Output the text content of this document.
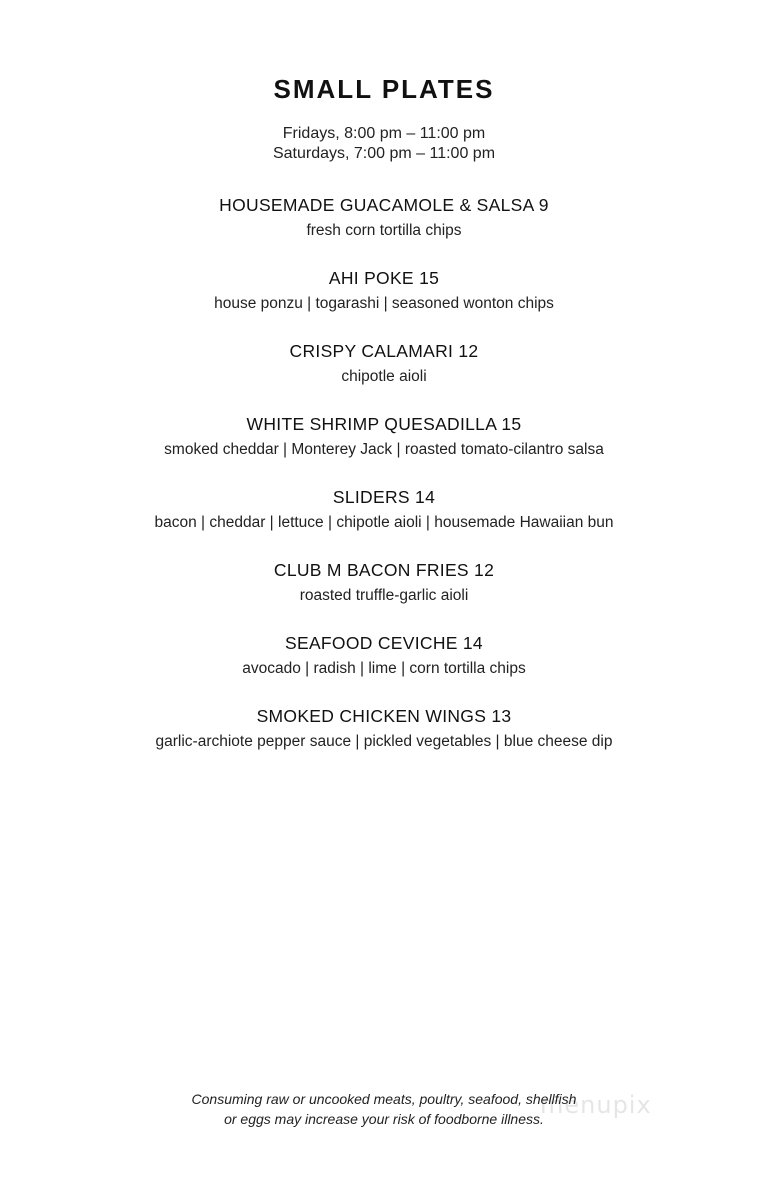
SMALL PLATES
Fridays, 8:00 pm – 11:00 pm
Saturdays, 7:00 pm – 11:00 pm
HOUSEMADE GUACAMOLE & SALSA 9
fresh corn tortilla chips
AHI POKE 15
house ponzu | togarashi | seasoned wonton chips
CRISPY CALAMARI 12
chipotle aioli
WHITE SHRIMP QUESADILLA 15
smoked cheddar | Monterey Jack | roasted tomato-cilantro salsa
SLIDERS 14
bacon | cheddar | lettuce | chipotle aioli | housemade Hawaiian bun
CLUB M BACON FRIES 12
roasted truffle-garlic aioli
SEAFOOD CEVICHE 14
avocado | radish | lime | corn tortilla chips
SMOKED CHICKEN WINGS 13
garlic-archiote pepper sauce | pickled vegetables | blue cheese dip
Consuming raw or uncooked meats, poultry, seafood, shellfish
or eggs may increase your risk of foodborne illness.
menupix
